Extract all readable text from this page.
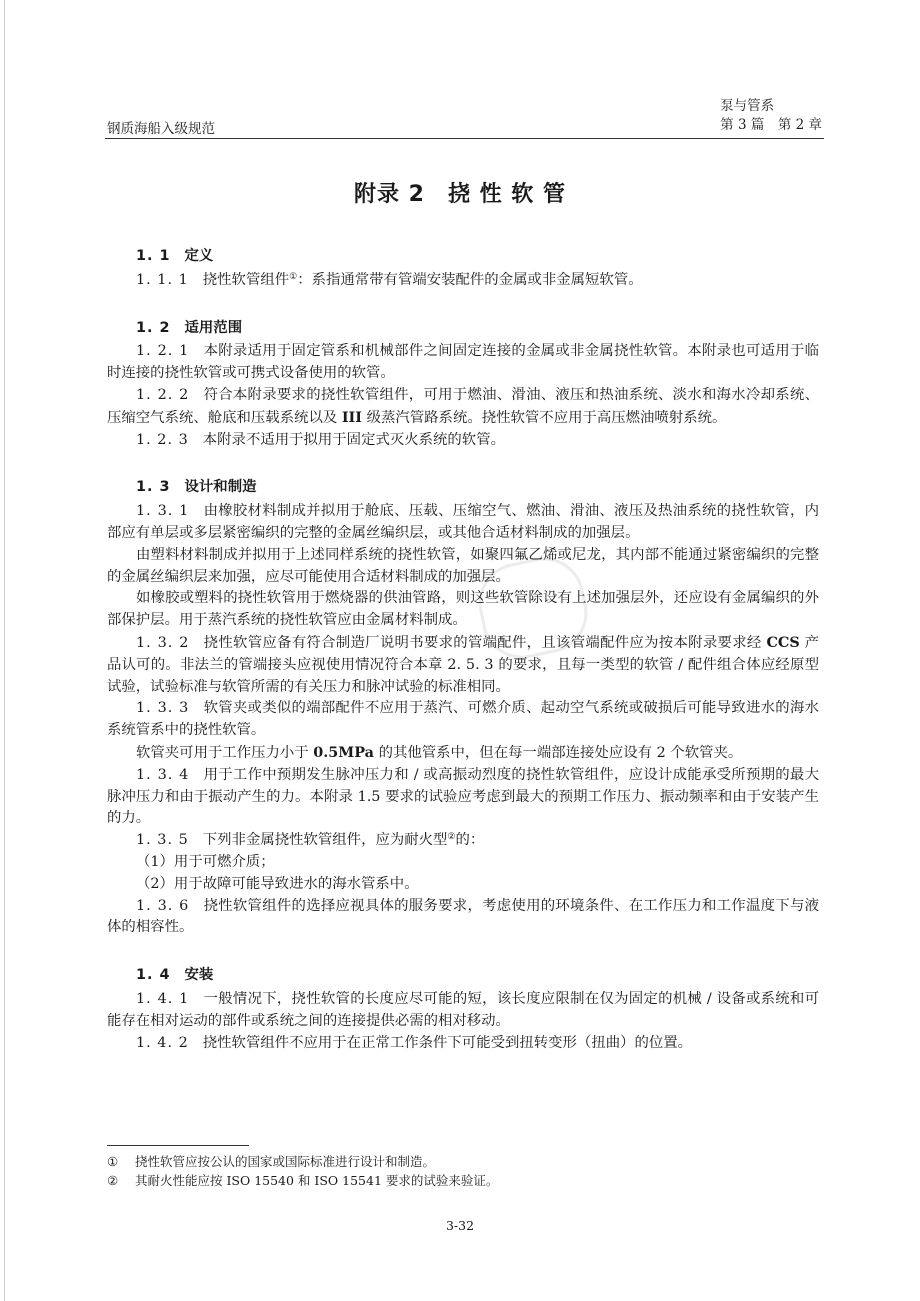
钢质海船入级规范
泵与管系
第 3 篇　第 2 章
附录 2　挠 性 软 管

1. 1 定义

1. 1. 1 挠性软管组件①：系指通常带有管端安装配件的金属或非金属短软管。

1. 2 适用范围

1. 2. 1 本附录适用于固定管系和机械部件之间固定连接的金属或非金属挠性软管。本附录也可适用于临时连接的挠性软管或可携式设备使用的软管。

1. 2. 2 符合本附录要求的挠性软管组件，可用于燃油、滑油、液压和热油系统、淡水和海水冷却系统、压缩空气系统、舱底和压载系统以及 III 级蒸汽管路系统。挠性软管不应用于高压燃油喷射系统。

1. 2. 3 本附录不适用于拟用于固定式灭火系统的软管。

1. 3 设计和制造

1. 3. 1 由橡胶材料制成并拟用于舱底、压载、压缩空气、燃油、滑油、液压及热油系统的挠性软管，内部应有单层或多层紧密编织的完整的金属丝编织层，或其他合适材料制成的加强层。

由塑料材料制成并拟用于上述同样系统的挠性软管，如聚四氟乙烯或尼龙，其内部不能通过紧密编织的完整的金属丝编织层来加强，应尽可能使用合适材料制成的加强层。

如橡胶或塑料的挠性软管用于燃烧器的供油管路，则这些软管除设有上述加强层外，还应设有金属编织的外部保护层。用于蒸汽系统的挠性软管应由金属材料制成。

1. 3. 2 挠性软管应备有符合制造厂说明书要求的管端配件，且该管端配件应为按本附录要求经 CCS 产品认可的。非法兰的管端接头应视使用情况符合本章 2. 5. 3 的要求，且每一类型的软管 / 配件组合体应经原型试验，试验标准与软管所需的有关压力和脉冲试验的标准相同。

1. 3. 3 软管夹或类似的端部配件不应用于蒸汽、可燃介质、起动空气系统或破损后可能导致进水的海水系统管系中的挠性软管。

软管夹可用于工作压力小于 0.5MPa 的其他管系中，但在每一端部连接处应设有 2 个软管夹。

1. 3. 4 用于工作中预期发生脉冲压力和 / 或高振动烈度的挠性软管组件，应设计成能承受所预期的最大脉冲压力和由于振动产生的力。本附录 1.5 要求的试验应考虑到最大的预期工作压力、振动频率和由于安装产生的力。

1. 3. 5 下列非金属挠性软管组件，应为耐火型②的：

（1）用于可燃介质；

（2）用于故障可能导致进水的海水管系中。

1. 3. 6 挠性软管组件的选择应视具体的服务要求，考虑使用的环境条件、在工作压力和工作温度下与液体的相容性。

1. 4 安装

1. 4. 1 一般情况下，挠性软管的长度应尽可能的短，该长度应限制在仅为固定的机械 / 设备或系统和可能存在相对运动的部件或系统之间的连接提供必需的相对移动。

1. 4. 2 挠性软管组件不应用于在正常工作条件下可能受到扭转变形（扭曲）的位置。

① 挠性软管应按公认的国家或国际标准进行设计和制造。
② 其耐火性能应按 ISO 15540 和 ISO 15541 要求的试验来验证。
3-32
